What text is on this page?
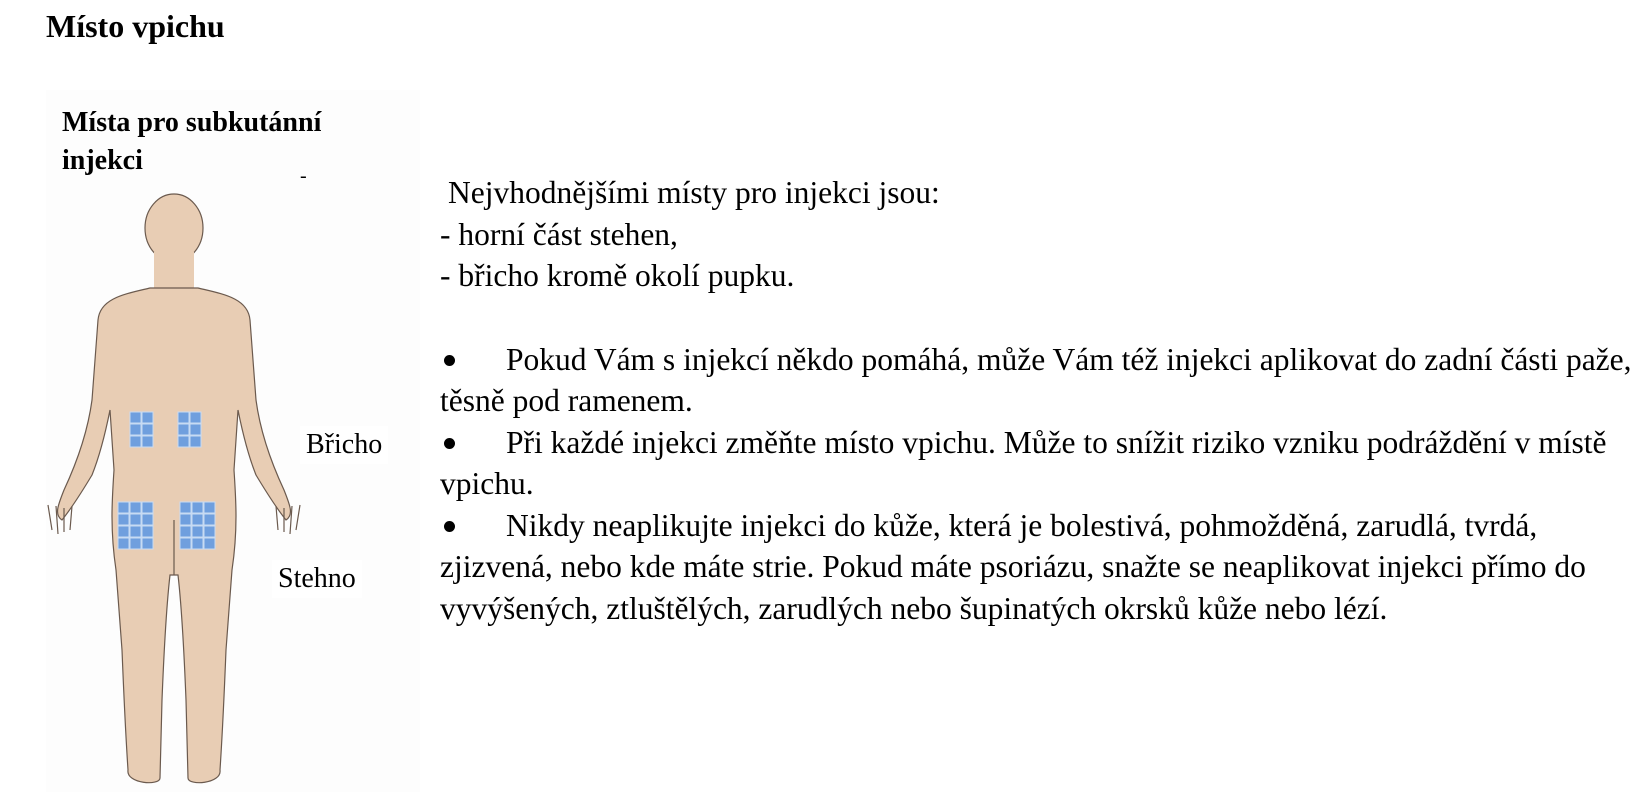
Místo vpichu

Místa pro subkutánní injekci	-
Břicho
Stehno

Nejvhodnějšími místy pro injekci jsou:

- horní část stehen,

- břicho kromě okolí pupku.

Pokud Vám s injekcí někdo pomáhá, může Vám též injekci aplikovat do zadní části paže, těsně pod ramenem.

Při každé injekci změňte místo vpichu. Může to snížit riziko vzniku podráždění v místě vpichu.

Nikdy neaplikujte injekci do kůže, která je bolestivá, pohmožděná, zarudlá, tvrdá, zjizvená, nebo kde máte strie. Pokud máte psoriázu, snažte se neaplikovat injekci přímo do vyvýšených, ztluštělých, zarudlých nebo šupinatých okrsků kůže nebo lézí.
